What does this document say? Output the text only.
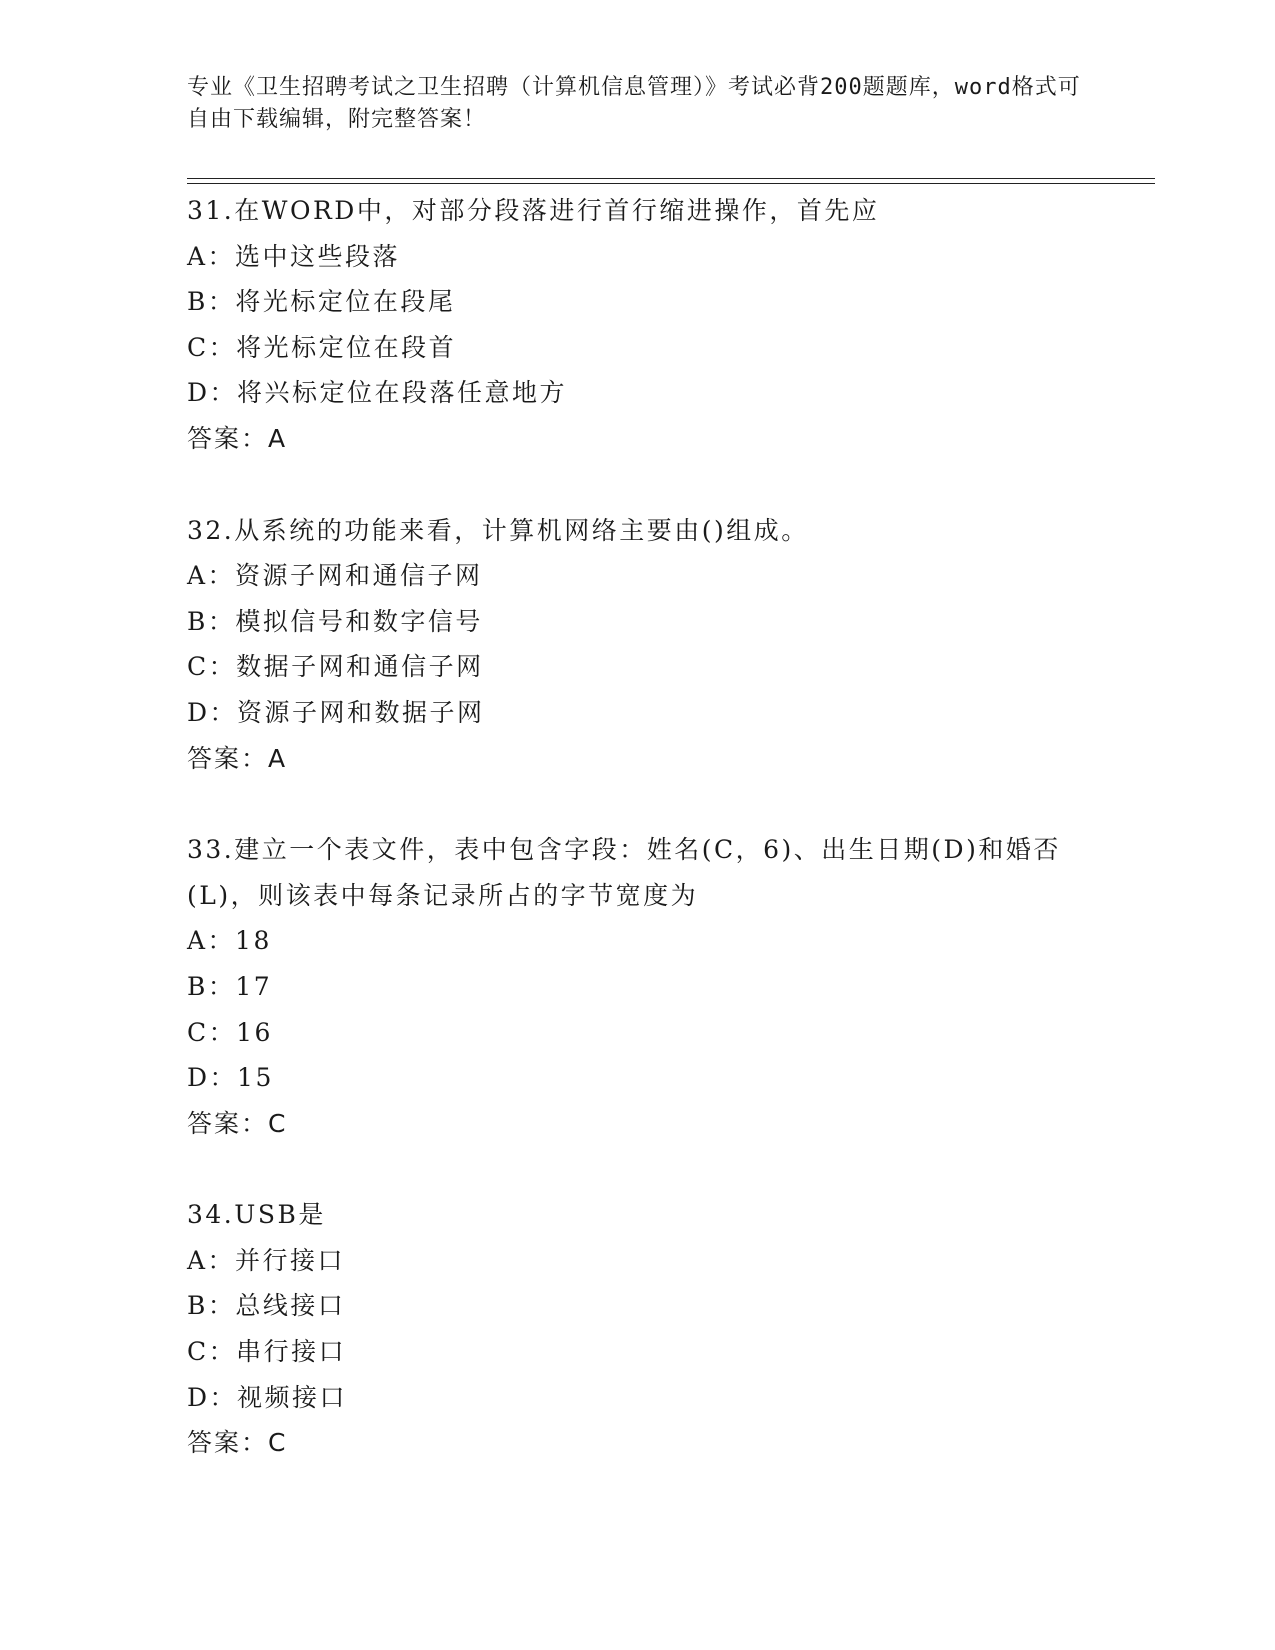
专业《卫生招聘考试之卫生招聘（计算机信息管理）》考试必背200题题库，word格式可自由下载编辑，附完整答案！
31.在WORD中，对部分段落进行首行缩进操作，首先应
A：选中这些段落
B：将光标定位在段尾
C：将光标定位在段首
D：将兴标定位在段落任意地方
答案：A
32.从系统的功能来看，计算机网络主要由()组成。
A：资源子网和通信子网
B：模拟信号和数字信号
C：数据子网和通信子网
D：资源子网和数据子网
答案：A
33.建立一个表文件，表中包含字段：姓名(C，6)、出生日期(D)和婚否(L)，则该表中每条记录所占的字节宽度为
A：18
B：17
C：16
D：15
答案：C
34.USB是
A：并行接口
B：总线接口
C：串行接口
D：视频接口
答案：C
